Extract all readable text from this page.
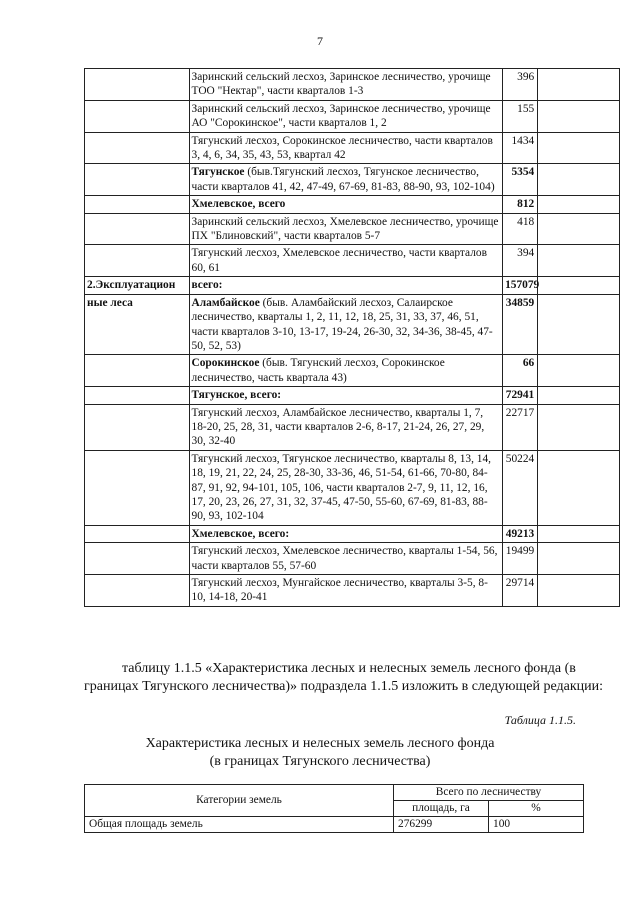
7
	Заринский сельский лесхоз, Заринское лесничество, урочище ТОО "Нектар", части кварталов 1-3	396	
	Заринский сельский лесхоз, Заринское лесничество, урочище АО "Сорокинское", части кварталов 1, 2	155	
	Тягунский лесхоз, Сорокинское лесничество, части кварталов 3, 4, 6, 34, 35, 43, 53, квартал 42	1434	
	Тягунское (быв.Тягунский лесхоз, Тягунское лесничество, части кварталов 41, 42, 47-49, 67-69, 81-83, 88-90, 93, 102-104)	5354	
	Хмелевское, всего	812	
	Заринский сельский лесхоз, Хмелевское лесничество, урочище ПХ "Блиновский", части кварталов 5-7	418	
	Тягунский лесхоз, Хмелевское лесничество, части кварталов 60, 61	394	
2.Эксплуатацион	всего:	157079	
ные леса	Аламбайское (быв. Аламбайский лесхоз, Салаирское лесничество, кварталы 1, 2, 11, 12, 18, 25, 31, 33, 37, 46, 51, части кварталов 3-10, 13-17, 19-24, 26-30, 32, 34-36, 38-45, 47-50, 52, 53)	34859	
	Сорокинское (быв. Тягунский лесхоз, Сорокинское лесничество, часть квартала 43)	66	
	Тягунское, всего:	72941	
	Тягунский лесхоз, Аламбайское лесничество, кварталы 1, 7, 18-20, 25, 28, 31, части кварталов 2-6, 8-17, 21-24, 26, 27, 29, 30, 32-40	22717	
	Тягунский лесхоз, Тягунское лесничество, кварталы 8, 13, 14, 18, 19, 21, 22, 24, 25, 28-30, 33-36, 46, 51-54, 61-66, 70-80, 84-87, 91, 92, 94-101, 105, 106, части кварталов 2-7, 9, 11, 12, 16, 17, 20, 23, 26, 27, 31, 32, 37-45, 47-50, 55-60, 67-69, 81-83, 88-90, 93, 102-104	50224	
	Хмелевское, всего:	49213	
	Тягунский лесхоз, Хмелевское лесничество, кварталы 1-54, 56, части кварталов 55, 57-60	19499	
	Тягунский лесхоз, Мунгайское лесничество, кварталы 3-5, 8-10, 14-18, 20-41	29714	
таблицу 1.1.5 «Характеристика лесных и нелесных земель лесного фонда (в границах Тягунского лесничества)» подраздела 1.1.5 изложить в следующей редакции:
Таблица 1.1.5.
Характеристика лесных и нелесных земель лесного фонда
(в границах Тягунского лесничества)
Категории земель	Всего по лесничеству	
	площадь, га	%
Общая площадь земель	276299	100
